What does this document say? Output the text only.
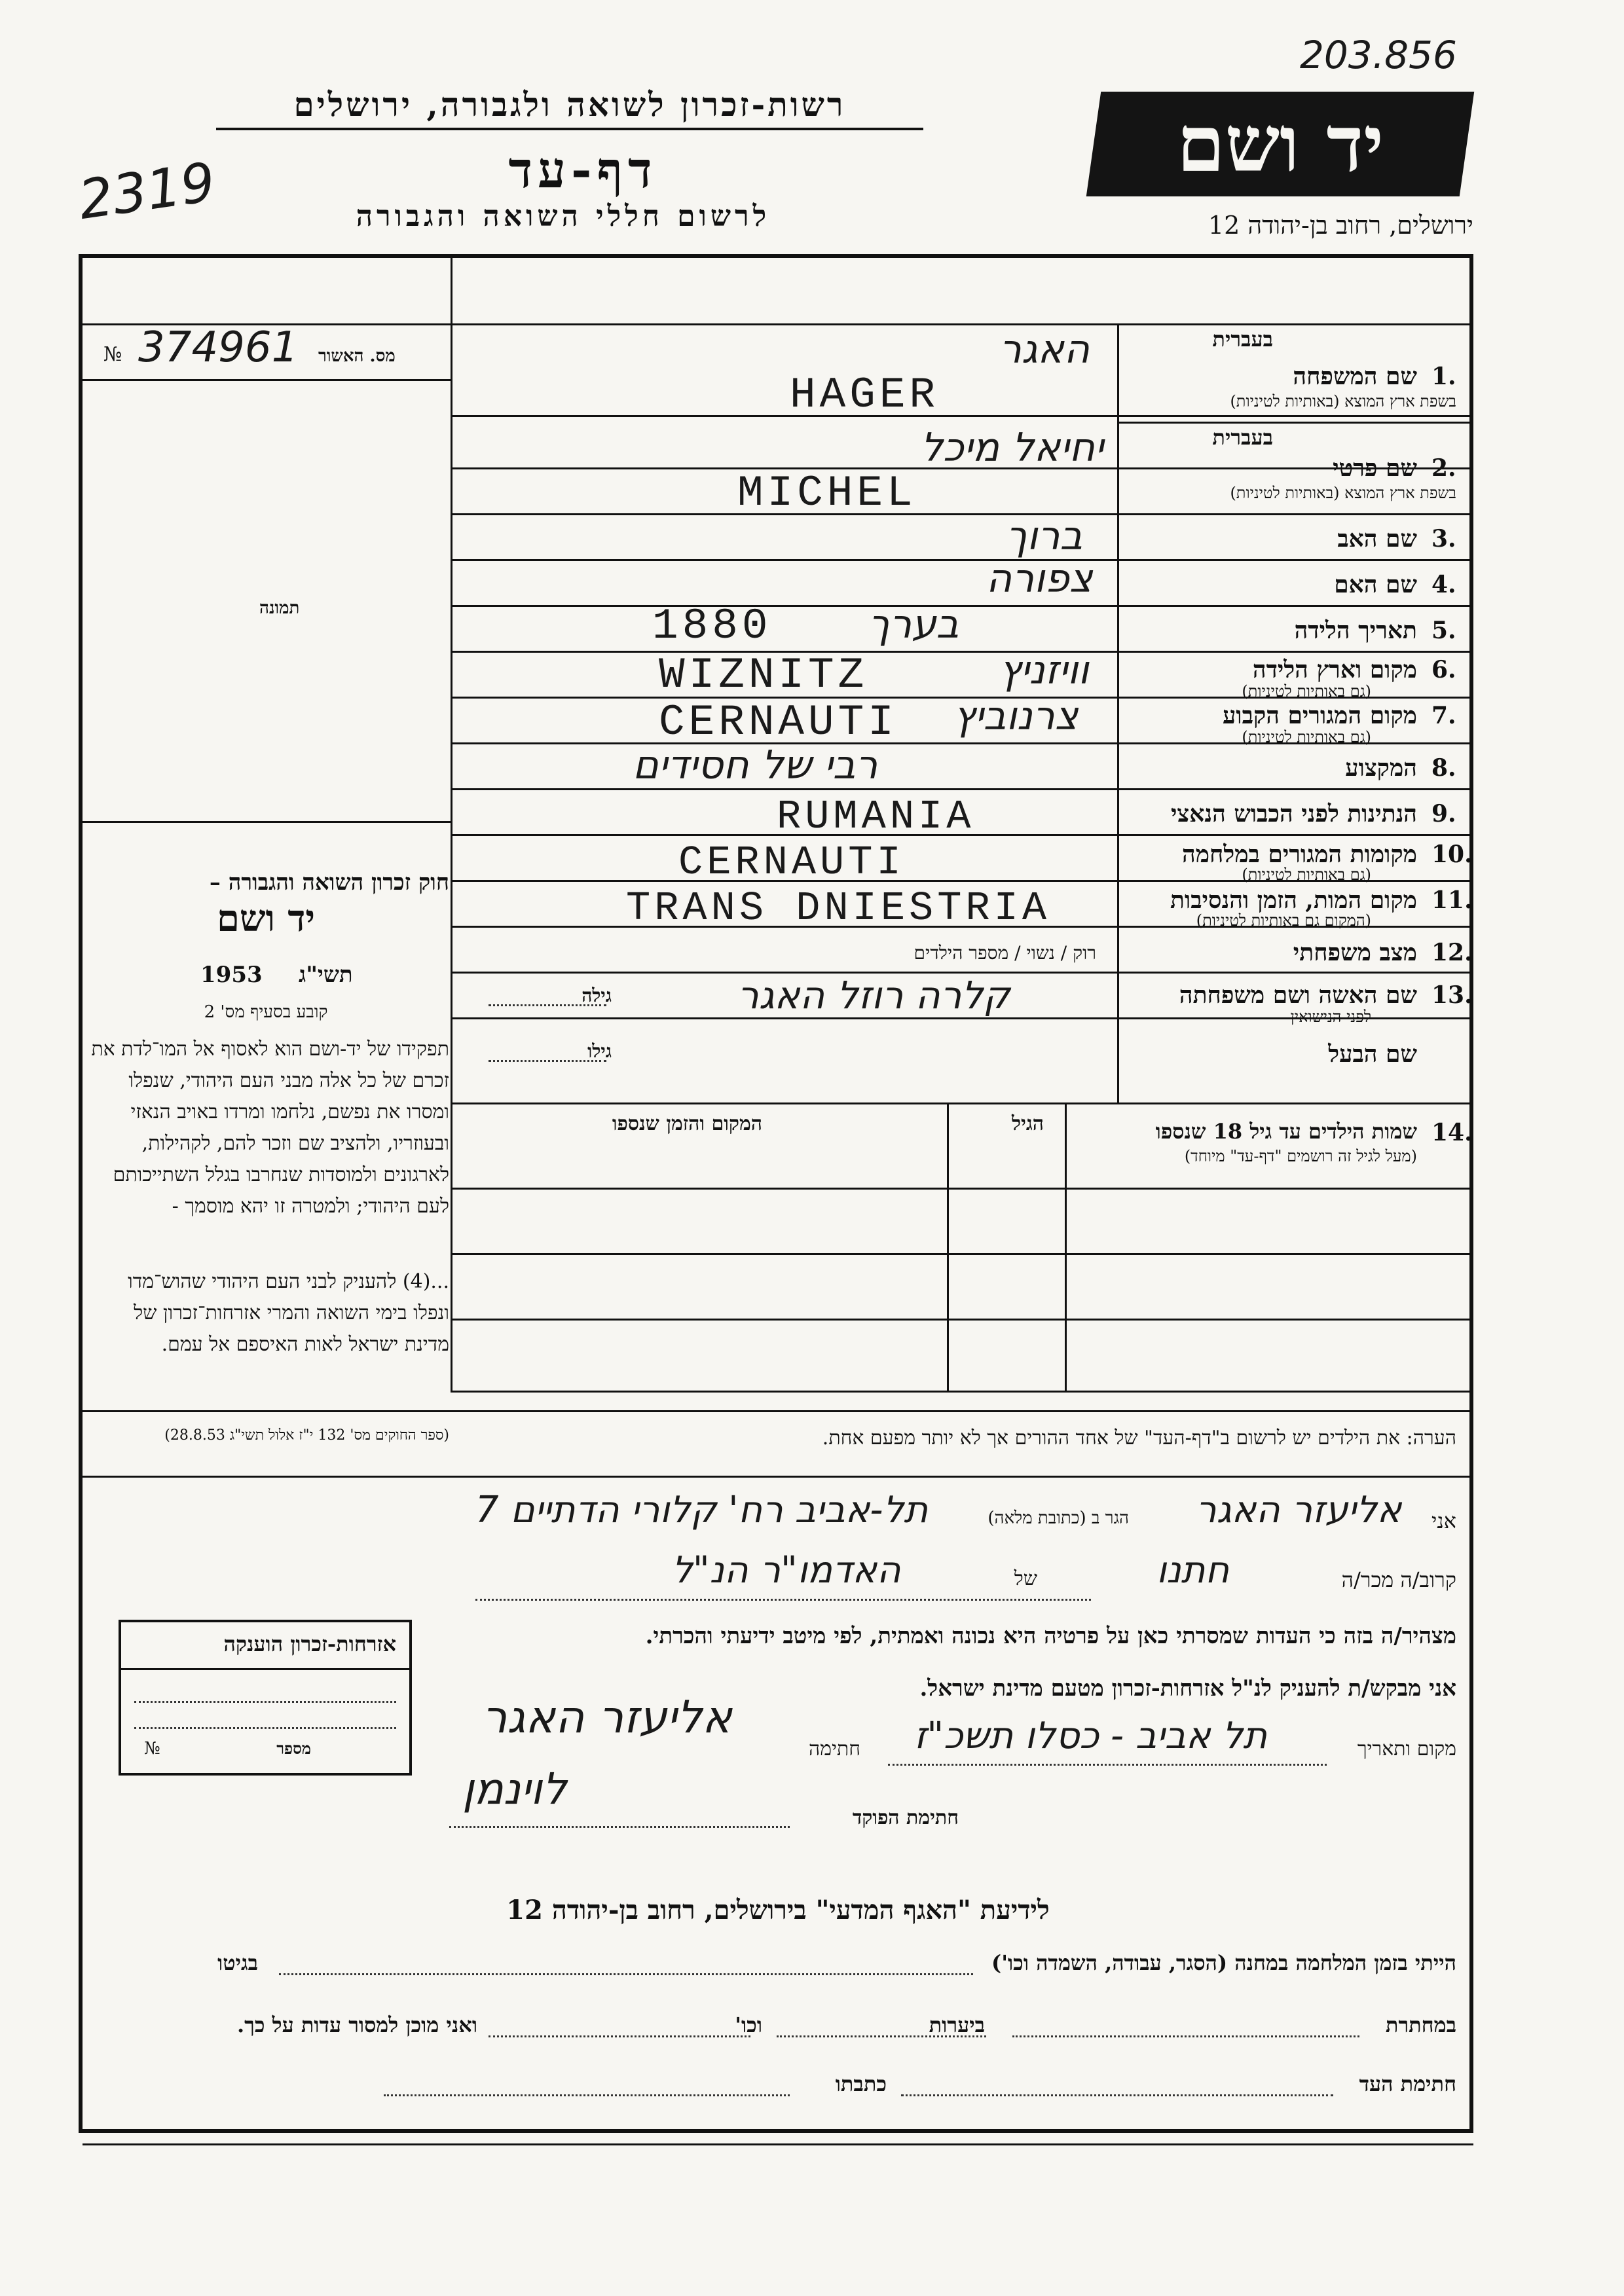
203.856
2319
רשות-זכרון לשואה ולגבורה, ירושלים
דף-עד
לרשום חללי השואה והגבורה
יד ושם
ירושלים, רחוב בן-יהודה 12
מס. האשור
№ 374961
תמונה
חוק זכרון השואה והגבורה –
יד ושם
תשי"ג
1953
קובע בסעיף מס' 2
תפקידו של יד-ושם הוא לאסוף אל המו־לדת את זכרם של כל אלה מבני העם היהודי, שנפלו ומסרו את נפשם, נלחמו ומרדו באויב הנאזי ובעוזריו, ולהציב שם וזכר להם, לקהילות, לארגונים ולמוסדות שנחרבו בגלל השתייכותם לעם היהודי; ולמטרה זו יהא מוסמך -
...(4) להעניק לבני העם היהודי שהוש־מדו ונפלו בימי השואה והמרי אזרחות־זכרון של מדינת ישראל לאות האיספם אל עמם.
(ספר החוקים מס' 132 י"ז אלול תשי"ג 28.8.53)
1.
שם המשפחה
בשפת ארץ המוצא (באותיות לטיניות)
בעברית
האגר
HAGER
2.
שם פרטי
בשפת ארץ המוצא (באותיות לטיניות)
בעברית
יחיאל מיכל
MICHEL
3.
שם האב
ברוך
4.
שם האם
צפורה
5.
תאריך הלידה
בערך
1880
6.
מקום וארץ הלידה
(גם באותיות לטיניות)
וויזניץ
WIZNITZ
7.
מקום המגורים הקבוע
(גם באותיות לטיניות)
צרנוביץ
CERNAUTI
8.
המקצוע
רבי של חסידים
9.
הנתינות לפני הכבוש הנאצי
RUMANIA
10.
מקומות המגורים במלחמה
(גם באותיות לטיניות)
CERNAUTI
11.
מקום המות, הזמן והנסיבות
(המקום גם באותיות לטיניות)
TRANS DNIESTRIA
12.
מצב משפחתי
רוק / נשוי / מספר הילדים
13.
שם האשה ושם משפחתה
לפני הנישואין
קלרה רוזל האגר
גילה
שם הבעל
גילו
14.
שמות הילדים עד גיל 18 שנספו
(מעל לגיל זה רושמים "דף-עד" מיוחד)
הגיל
המקום והזמן שנספו
הערה: את הילדים יש לרשום ב"דף-העד" של אחד ההורים אך לא יותר מפעם אחת.
אני
אליעזר האגר
הגר ב (כתובת מלאה)
תל-אביב רח' קלורי הדתיים 7
קרוב/ה מכר/ה
חתנו
של
האדמו"ר הנ"ל
מצהיר/ה בזה כי העדות שמסרתי כאן על פרטיה היא נכונה ואמתית, לפי מיטב ידיעתי והכרתי.
אני מבקש/ת להעניק לנ"ל אזרחות-זכרון מטעם מדינת ישראל.
מקום ותאריך
תל אביב - כסלו תשכ"ז
חתימה
אליעזר האגר
חתימת הפוקד
לוינמן
אזרחות-זכרון הוענקה
מספר
№
לידיעת "האגף המדעי" בירושלים, רחוב בן-יהודה 12
הייתי בזמן המלחמה במחנה (הסגר, עבודה, השמדה וכו')
בגיטו
במחתרת
ביערות
וכו'
ואני מוכן למסור עדות על כך.
חתימת העד
כתבתו
